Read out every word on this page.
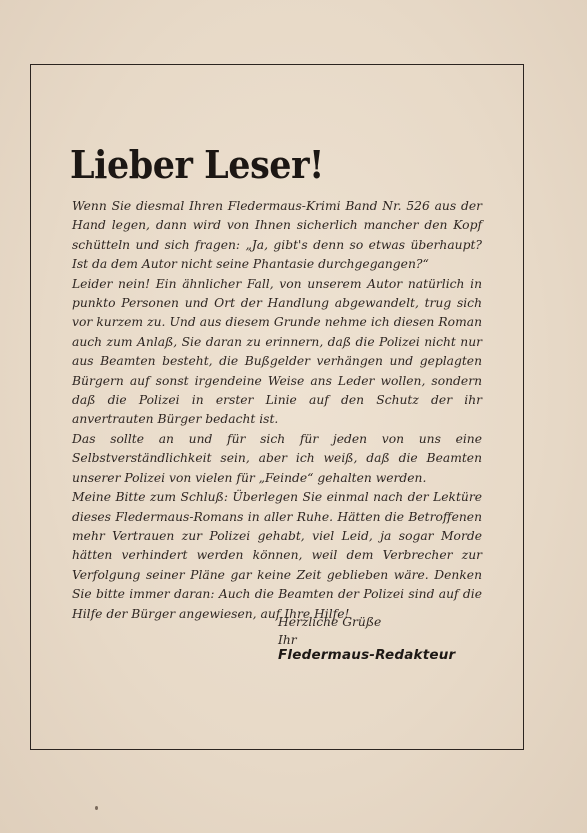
Lieber Leser!

Wenn Sie diesmal Ihren Fledermaus-Krimi Band Nr. 526 aus der Hand legen, dann wird von Ihnen sicherlich mancher den Kopf schütteln und sich fragen: „Ja, gibt's denn so etwas überhaupt? Ist da dem Autor nicht seine Phantasie durchgegangen?“

Leider nein! Ein ähnlicher Fall, von unserem Autor natürlich in punkto Personen und Ort der Handlung abgewandelt, trug sich vor kurzem zu. Und aus diesem Grunde nehme ich diesen Roman auch zum Anlaß, Sie daran zu erinnern, daß die Polizei nicht nur aus Beamten besteht, die Bußgelder verhängen und geplagten Bürgern auf sonst irgendeine Weise ans Leder wollen, sondern daß die Polizei in erster Linie auf den Schutz der ihr anvertrauten Bürger bedacht ist.

Das sollte an und für sich für jeden von uns eine Selbstverständlichkeit sein, aber ich weiß, daß die Beamten unserer Polizei von vielen für „Feinde“ gehalten werden.

Meine Bitte zum Schluß: Überlegen Sie einmal nach der Lektüre dieses Fledermaus-Romans in aller Ruhe. Hätten die Betroffenen mehr Vertrauen zur Polizei gehabt, viel Leid, ja sogar Morde hätten verhindert werden können, weil dem Verbrecher zur Verfolgung seiner Pläne gar keine Zeit geblieben wäre. Denken Sie bitte immer daran: Auch die Beamten der Polizei sind auf die Hilfe der Bürger angewiesen, auf Ihre Hilfe!

Herzliche Grüße
Ihr
Fledermaus-Redakteur
